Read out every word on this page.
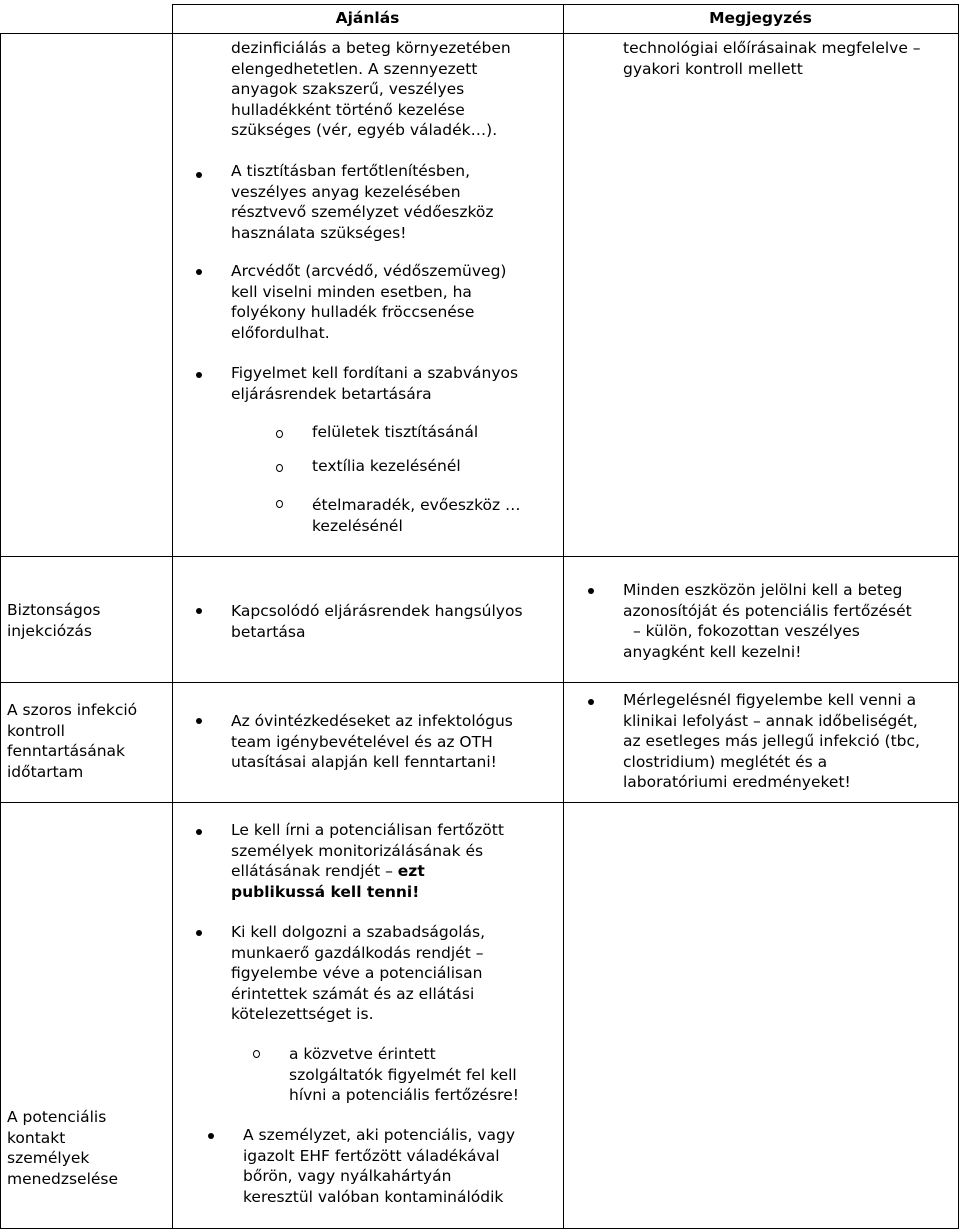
Ajánlás	Megjegyzés
dezinficiálás a beteg környezetében
elengedhetetlen. A szennyezett
anyagok szakszerű, veszélyes
hulladékként történő kezelése
szükséges (vér, egyéb váladék…).
A tisztításban fertőtlenítésben,
veszélyes anyag kezelésében
résztvevő személyzet védőeszköz
használata szükséges!
Arcvédőt (arcvédő, védőszemüveg)
kell viselni minden esetben, ha
folyékony hulladék fröccsenése
előfordulhat.
Figyelmet kell fordítani a szabványos
eljárásrendek betartására
felületek tisztításánál
textília kezelésénél
ételmaradék, evőeszköz …
kezelésénél
technológiai előírásainak megfelelve –
gyakori kontroll mellett
Biztonságos
injekciózás
Kapcsolódó eljárásrendek hangsúlyos
betartása
Minden eszközön jelölni kell a beteg
azonosítóját és potenciális fertőzését
– külön, fokozottan veszélyes
anyagként kell kezelni!
A szoros infekció
kontroll
fenntartásának
időtartam
Az óvintézkedéseket az infektológus
team igénybevételével és az OTH
utasításai alapján kell fenntartani!
Mérlegelésnél figyelembe kell venni a
klinikai lefolyást – annak időbeliségét,
az esetleges más jellegű infekció (tbc,
clostridium) meglétét és a
laboratóriumi eredményeket!
A potenciális
kontakt
személyek
menedzselése
Le kell írni a potenciálisan fertőzött
személyek monitorizálásának és
ellátásának rendjét – ezt
publikussá kell tenni!
Ki kell dolgozni a szabadságolás,
munkaerő gazdálkodás rendjét –
figyelembe véve a potenciálisan
érintettek számát és az ellátási
kötelezettséget is.
a közvetve érintett
szolgáltatók figyelmét fel kell
hívni a potenciális fertőzésre!
A személyzet, aki potenciális, vagy
igazolt EHF fertőzött váladékával
bőrön, vagy nyálkahártyán
keresztül valóban kontaminálódik
